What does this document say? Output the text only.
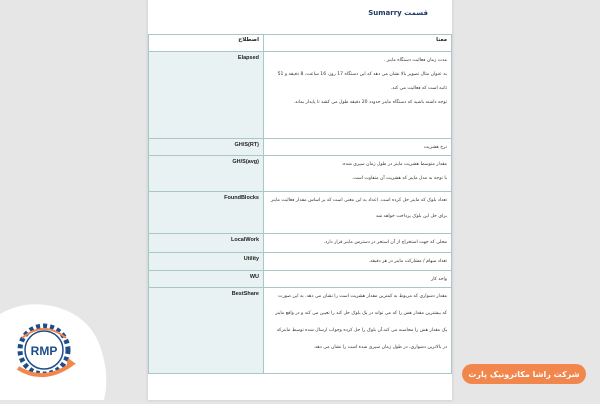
قسمت Sumarry
اصطلاح	معنا
Elapsed	مدت زمان فعالیت دستگاه ماینر .

به عنوان مثال تصویر بالا نشان می دهد که این دستگاه 17 روز، 16 ساعت، 8 دقیقه و 51

ثانیه است که فعالیت می کند.

توجه داشته باشید که دستگاه ماینر حدودد 20 دقیقه طول می کشد تا پایدار بماند.

GH/S(RT)	نرخ هشریت

GH/S(avg)	مقدار متوسط هشریت ماینر در طول زمان سپری شده.

با توجه به مدل ماینر که هشریت آن متفاوت است.

FoundBlocks	تعداد بلوک که ماینر حل کرده است. اعداد به این معنی است که بر اساس مقدار فعالیت ماینر

برای حل این بلوک پرداخت خواهد شد

LocalWork	محلی که جهت استخراج از آن استخر در دسترس ماینر قرار دارد.

Utility	تعداد سهام / مشارکت ماینر در هر دقیقه.

WU	واحد کار

BestShare	مقدار دشواری که مربوط به کمترین مقدار هشریت است را نشان می دهد. به این صورت

که بیشترین مقدار هش را که می تواند در یک بلوک حل کند را تعیین می کند و در واقع ماینر

یک مقدار هش را محاسبه می کند،آن بلوک را حل کرده وجواب ارسال شده توسط ماینرکه

در بالاترین دشواری، در طول زمان سپری شده است را نشان می دهد.

RMP
شرکت راشا مکاترونیک پارت
